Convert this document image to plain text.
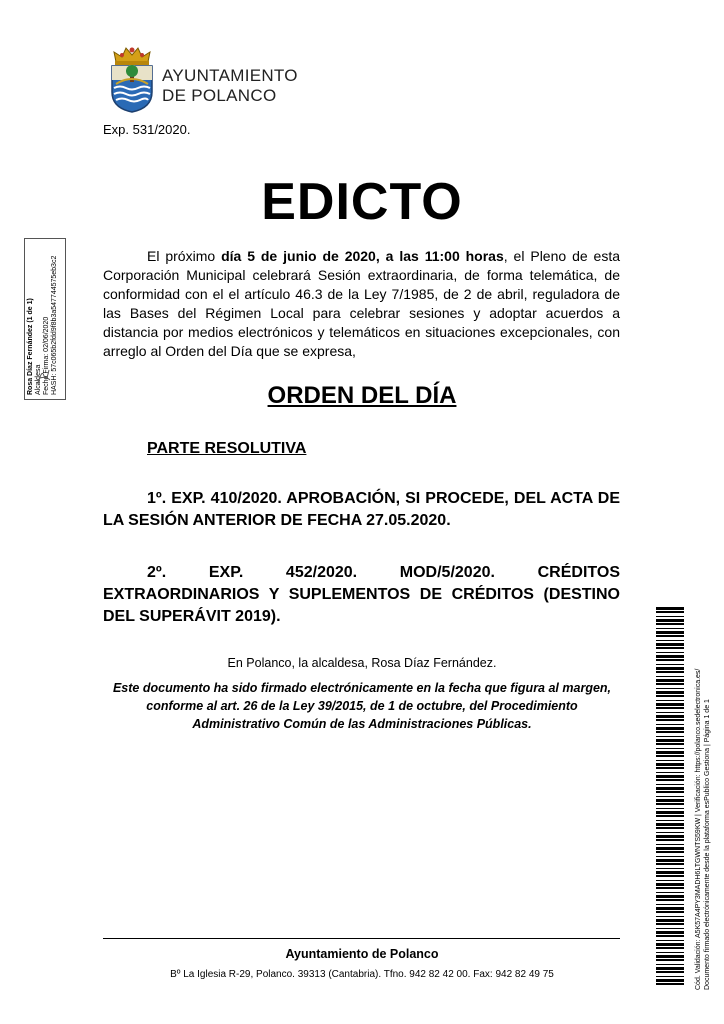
AYUNTAMIENTO
DE POLANCO
Exp. 531/2020.
EDICTO
El próximo día 5 de junio de 2020, a las 11:00 horas, el Pleno de esta Corporación Municipal celebrará Sesión extraordinaria, de forma telemática, de conformidad con el el artículo 46.3 de la Ley 7/1985, de 2 de abril, reguladora de las Bases del Régimen Local para celebrar sesiones y adoptar acuerdos a distancia por medios electrónicos y telemáticos en situaciones excepcionales, con arreglo al Orden del Día que se expresa,
ORDEN DEL DÍA
PARTE RESOLUTIVA
1º. EXP. 410/2020. APROBACIÓN, SI PROCEDE, DEL ACTA DE LA SESIÓN ANTERIOR DE FECHA 27.05.2020.
2º. EXP. 452/2020. MOD/5/2020. CRÉDITOS EXTRAORDINARIOS Y SUPLEMENTOS DE CRÉDITOS (DESTINO DEL SUPERÁVIT 2019).
En Polanco, la alcaldesa, Rosa Díaz Fernández.
Este documento ha sido firmado electrónicamente en la fecha que figura al margen, conforme al art. 26 de la Ley 39/2015, de 1 de octubre, del Procedimiento Administrativo Común de las Administraciones Públicas.
Ayuntamiento de Polanco
Bº La Iglesia R-29, Polanco. 39313 (Cantabria). Tfno. 942 82 42 00. Fax: 942 82 49 75
Rosa Díaz Fernández (1 de 1) Alcaldesa Fecha Firma: 02/06/2020 HASH: 57c065b2fdd9f8b3a547744575eb3c2
Cód. Validación: A5K57A4PY3MADH6LTGWNTS59KW | Verificación: https://polanco.sedelectronica.es/ Documento firmado electrónicamente desde la plataforma esPublico Gestiona | Página 1 de 1
